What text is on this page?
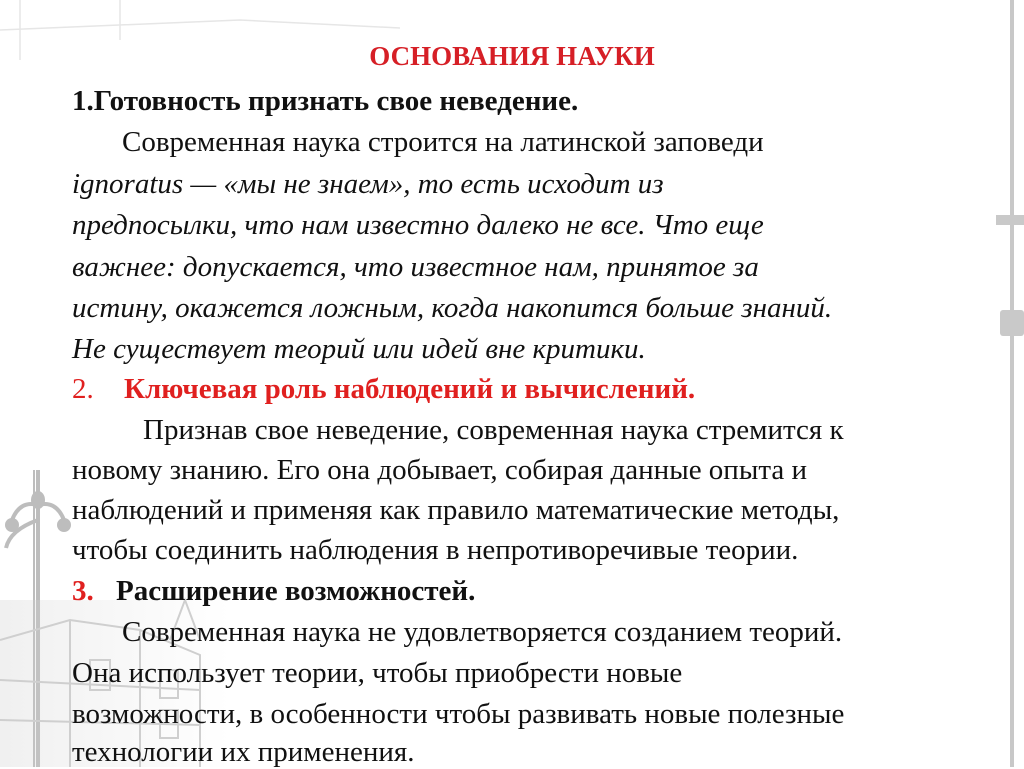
ОСНОВАНИЯ НАУКИ
1.Готовность признать свое неведение.
Современная наука строится на латинской заповеди
ignoratus — «мы не знаем», то есть исходит из
предпосылки, что нам известно далеко не все. Что еще
важнее: допускается, что известное нам, принятое за
истину, окажется ложным, когда накопится больше знаний.
Не существует теорий или идей вне критики.
2. Ключевая роль наблюдений и вычислений.
Признав свое неведение, современная наука стремится к
новому знанию. Его она добывает, собирая данные опыта и
наблюдений и применяя как правило математические методы,
чтобы соединить наблюдения в непротиворечивые теории.
3. Расширение возможностей.
Современная наука не удовлетворяется созданием теорий.
Она использует теории, чтобы приобрести новые
возможности, в особенности чтобы развивать новые полезные
технологии их применения.
